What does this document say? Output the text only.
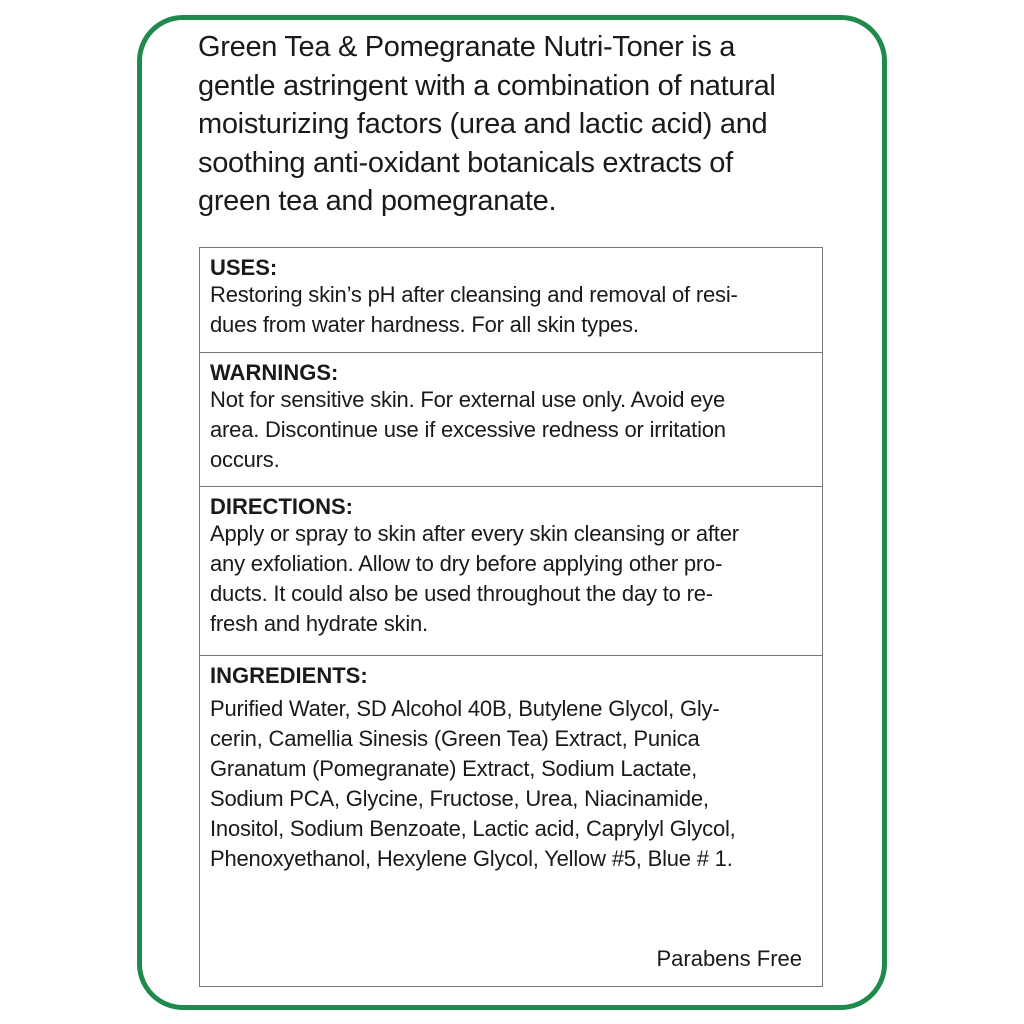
Green Tea & Pomegranate Nutri-Toner is a
gentle astringent with a combination of natural
moisturizing factors (urea and lactic acid) and
soothing anti-oxidant botanicals extracts of
green tea and pomegranate.
USES:
Restoring skin’s pH after cleansing and removal of resi-
dues from water hardness. For all skin types.
WARNINGS:
Not for sensitive skin. For external use only. Avoid eye
area. Discontinue use if excessive redness or irritation
occurs.
DIRECTIONS:
Apply or spray to skin after every skin cleansing or after
any exfoliation. Allow to dry before applying other pro-
ducts. It could also be used throughout the day to re-
fresh and hydrate skin.
INGREDIENTS:
Purified Water, SD Alcohol 40B, Butylene Glycol, Gly-
cerin, Camellia Sinesis (Green Tea) Extract, Punica
Granatum (Pomegranate) Extract, Sodium Lactate,
Sodium PCA, Glycine, Fructose, Urea, Niacinamide,
Inositol, Sodium Benzoate, Lactic acid, Caprylyl Glycol,
Phenoxyethanol, Hexylene Glycol, Yellow #5, Blue # 1.
Parabens Free
